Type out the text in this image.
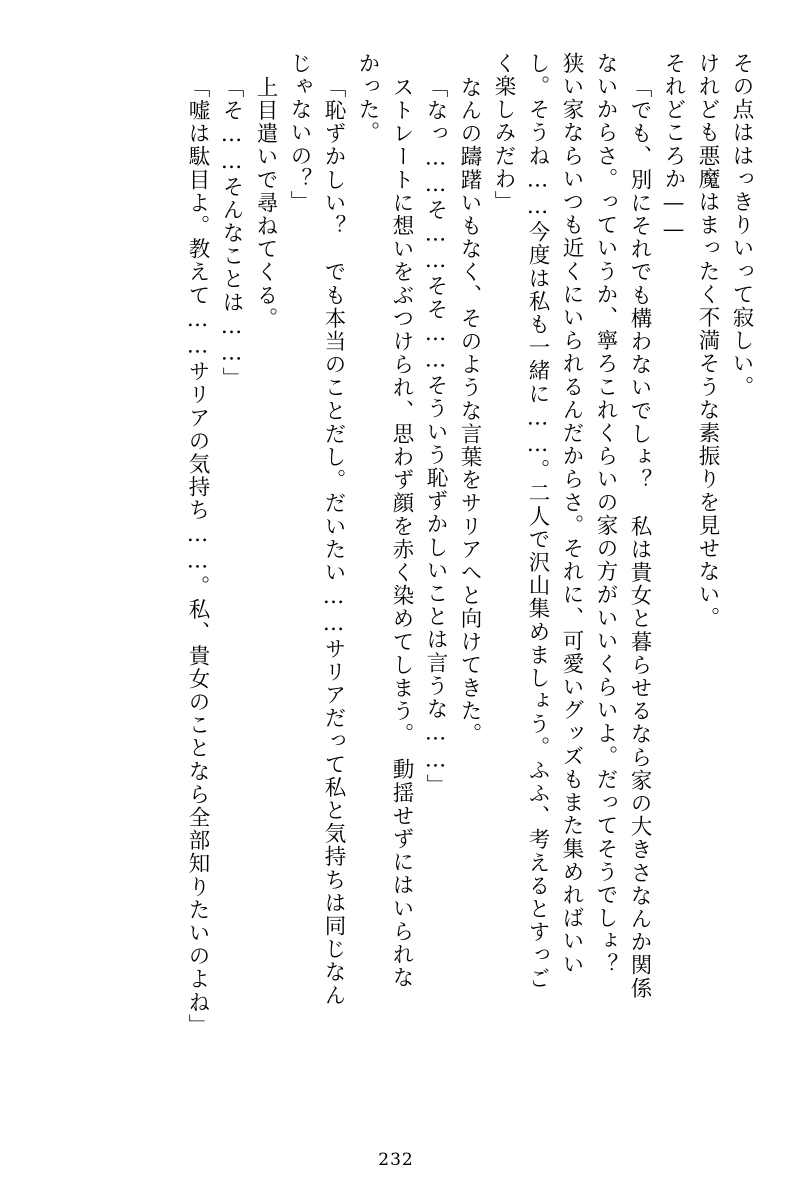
その点ははっきりいって寂しい。
けれども悪魔はまったく不満そうな素振りを見せない。
それどころか——
「でも、別にそれでも構わないでしょ？　私は貴女と暮らせるなら家の大きさなんか関係
ないからさ。っていうか、寧ろこれくらいの家の方がいいくらいよ。だってそうでしょ？
狭い家ならいつも近くにいられるんだからさ。それに、可愛いグッズもまた集めればいい
し。そうね……今度は私も一緒に……。二人で沢山集めましょう。ふふ、考えるとすっご
く楽しみだわ」
なんの躊躇いもなく、そのような言葉をサリアへと向けてきた。
「なっ……そ……そそ……そういう恥ずかしいことは言うな……」
ストレートに想いをぶつけられ、思わず顔を赤く染めてしまう。　動揺せずにはいられな
かった。
「恥ずかしい？　でも本当のことだし。だいたい……サリアだって私と気持ちは同じなん
じゃないの？」
上目遣いで尋ねてくる。
「そ……そんなことは……」
「嘘は駄目よ。教えて……サリアの気持ち……。私、貴女のことなら全部知りたいのよね」
232
